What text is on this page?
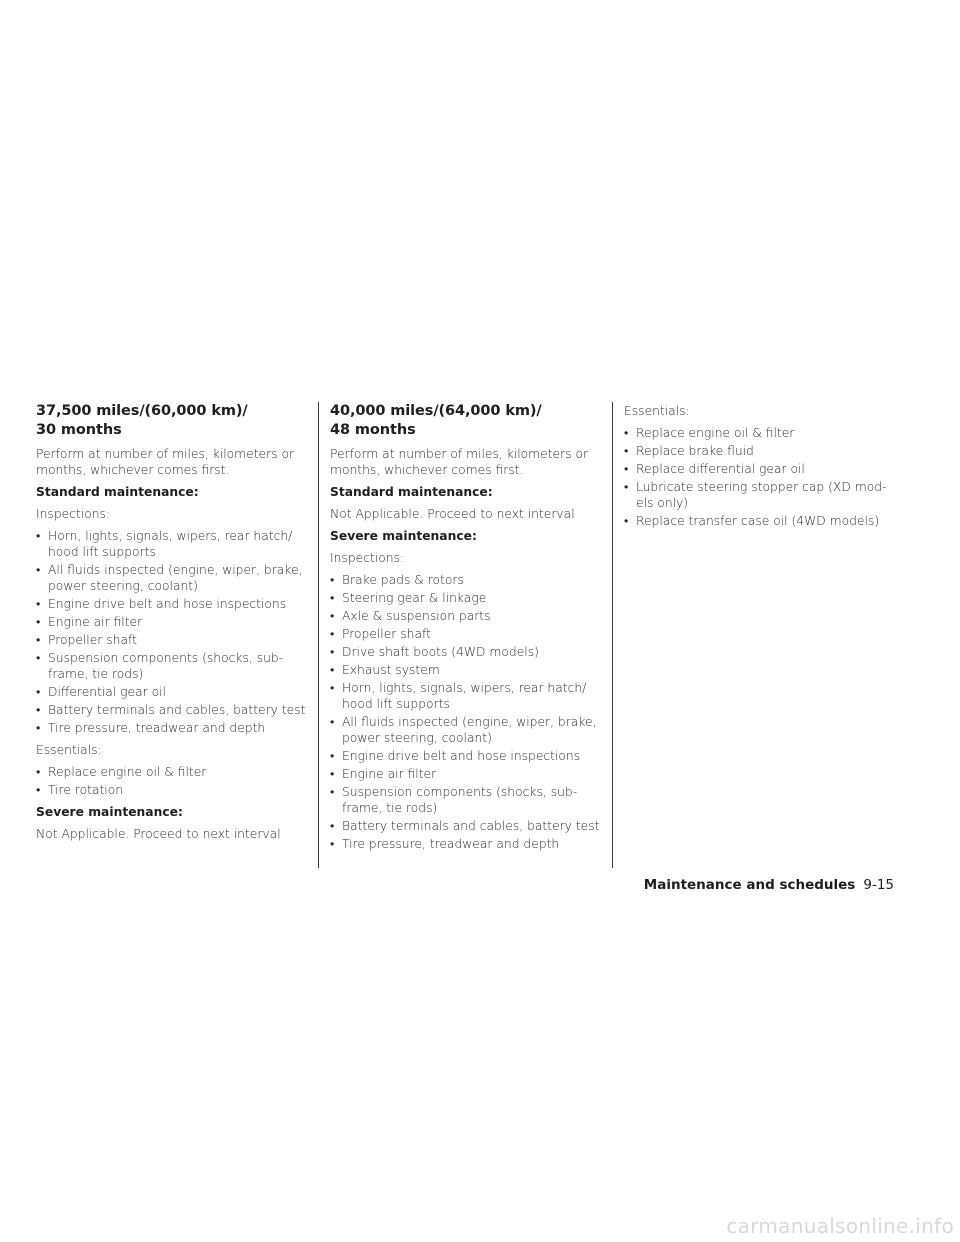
37,500 miles/(60,000 km)/
30 months
Perform at number of miles, kilometers or months, whichever comes first.
Standard maintenance:
Inspections:
• Horn, lights, signals, wipers, rear hatch/ hood lift supports
• All fluids inspected (engine, wiper, brake, power steering, coolant)
• Engine drive belt and hose inspections
• Engine air filter
• Propeller shaft
• Suspension components (shocks, sub- frame, tie rods)
• Differential gear oil
• Battery terminals and cables, battery test
• Tire pressure, treadwear and depth
Essentials:
• Replace engine oil & filter
• Tire rotation
Severe maintenance:
Not Applicable. Proceed to next interval
40,000 miles/(64,000 km)/
48 months
Perform at number of miles, kilometers or months, whichever comes first.
Standard maintenance:
Not Applicable. Proceed to next interval
Severe maintenance:
Inspections:
• Brake pads & rotors
• Steering gear & linkage
• Axle & suspension parts
• Propeller shaft
• Drive shaft boots (4WD models)
• Exhaust system
• Horn, lights, signals, wipers, rear hatch/ hood lift supports
• All fluids inspected (engine, wiper, brake, power steering, coolant)
• Engine drive belt and hose inspections
• Engine air filter
• Suspension components (shocks, sub- frame, tie rods)
• Battery terminals and cables, battery test
• Tire pressure, treadwear and depth
Essentials:
• Replace engine oil & filter
• Replace brake fluid
• Replace differential gear oil
• Lubricate steering stopper cap (XD mod- els only)
• Replace transfer case oil (4WD models)
Maintenance and schedules 9-15
carmanualsonline.info
